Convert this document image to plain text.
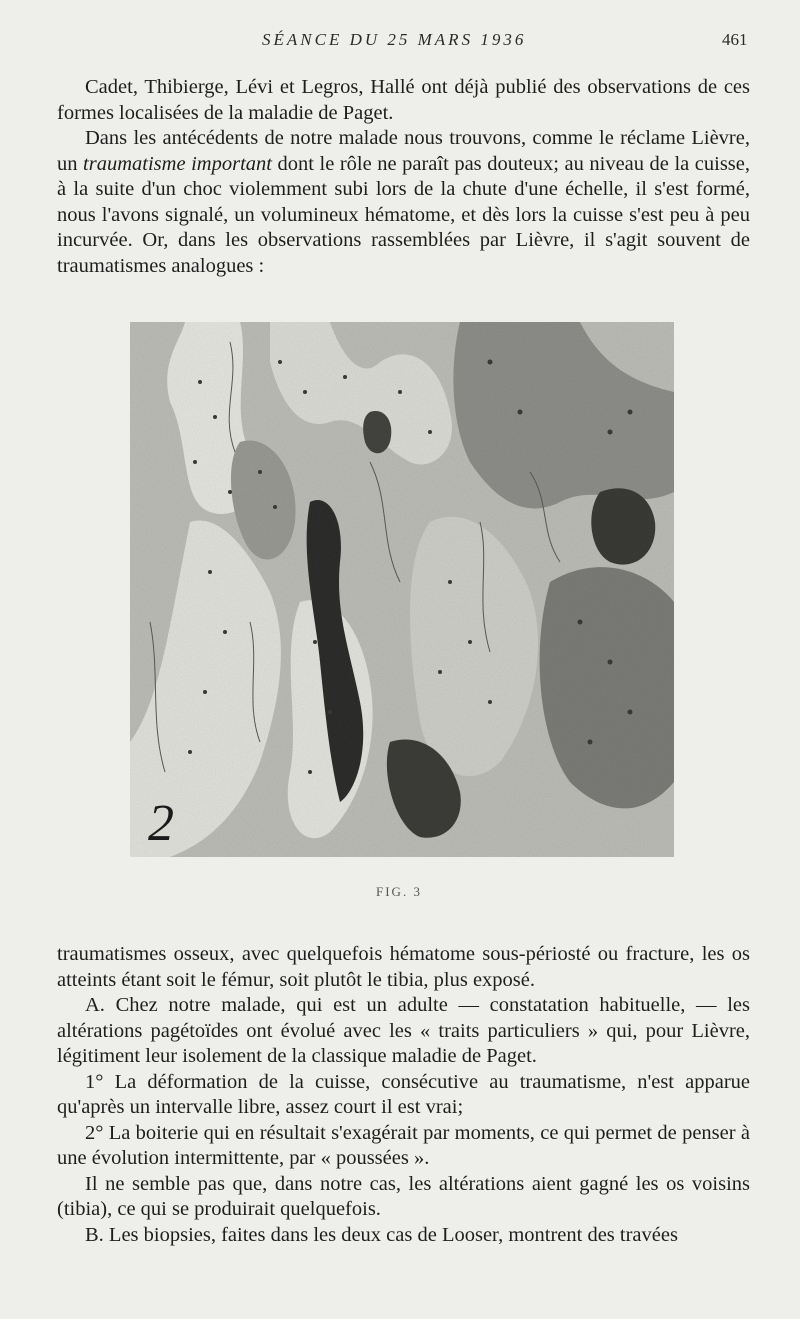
SÉANCE DU 25 MARS 1936	461

Cadet, Thibierge, Lévi et Legros, Hallé ont déjà publié des observations de ces formes localisées de la maladie de Paget.

Dans les antécédents de notre malade nous trouvons, comme le réclame Lièvre, un traumatisme important dont le rôle ne paraît pas douteux; au niveau de la cuisse, à la suite d'un choc violemment subi lors de la chute d'une échelle, il s'est formé, nous l'avons signalé, un volumineux hématome, et dès lors la cuisse s'est peu à peu incurvée. Or, dans les observations rassemblées par Lièvre, il s'agit souvent de traumatismes analogues :

2
FIG. 3

traumatismes osseux, avec quelquefois hématome sous-périosté ou fracture, les os atteints étant soit le fémur, soit plutôt le tibia, plus exposé.

A. Chez notre malade, qui est un adulte — constatation habituelle, — les altérations pagétoïdes ont évolué avec les « traits particuliers » qui, pour Lièvre, légitiment leur isolement de la classique maladie de Paget.

1° La déformation de la cuisse, consécutive au traumatisme, n'est apparue qu'après un intervalle libre, assez court il est vrai;

2° La boiterie qui en résultait s'exagérait par moments, ce qui permet de penser à une évolution intermittente, par « poussées ».

Il ne semble pas que, dans notre cas, les altérations aient gagné les os voisins (tibia), ce qui se produirait quelquefois.

B. Les biopsies, faites dans les deux cas de Looser, montrent des travées
